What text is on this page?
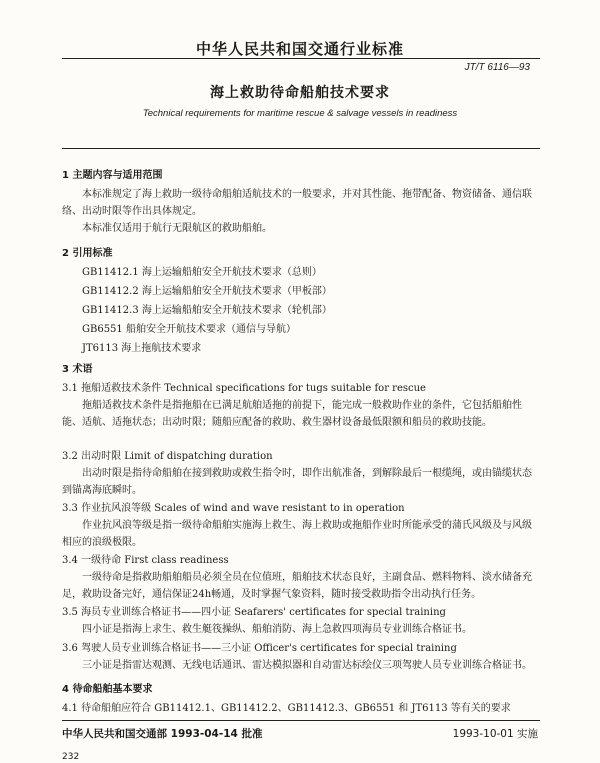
中华人民共和国交通行业标准
JT/T 6116—93
海上救助待命船舶技术要求
Technical requirements for maritime rescue & salvage vessels in readiness
1 主题内容与适用范围
本标准规定了海上救助一级待命船舶适航技术的一般要求，并对其性能、拖带配备、物资储备、通信联络、出动时限等作出具体规定。
本标准仅适用于航行无限航区的救助船舶。
2 引用标准
GB11412.1 海上运输船舶安全开航技术要求（总则）
GB11412.2 海上运输船舶安全开航技术要求（甲板部）
GB11412.3 海上运输船舶安全开航技术要求（轮机部）
GB6551 船舶安全开航技术要求（通信与导航）
JT6113 海上拖航技术要求
3 术语
3.1 拖船适救技术条件 Technical specifications for tugs suitable for rescue
拖船适救技术条件是指拖船在已满足航舶适拖的前提下，能完成一般救助作业的条件，它包括船舶性能、适航、适拖状态；出动时限；随船应配备的救助、救生器材设备最低限额和船员的救助技能。
3.2 出动时限 Limit of dispatching duration
出动时限是指待命船舶在接到救助或救生指令时，即作出航准备，到解除最后一根缆绳，或由锚缆状态到锚离海底瞬时。
3.3 作业抗风浪等级 Scales of wind and wave resistant to in operation
作业抗风浪等级是指一级待命船舶实施海上救生、海上救助或拖船作业时所能承受的蒲氏风级及与风级相应的浪级极限。
3.4 一级待命 First class readiness
一级待命是指救助船舶船员必须全员在位值班，船舶技术状态良好，主副食品、燃料物料、淡水储备充足，救助设备完好，通信保证24h畅通，及时掌握气象资料，随时接受救助指令出动执行任务。
3.5 海员专业训练合格证书——四小证 Seafarers' certificates for special training
四小证是指海上求生、救生艇筏操纵、船舶消防、海上急救四项海员专业训练合格证书。
3.6 驾驶人员专业训练合格证书——三小证 Officer's certificates for special training
三小证是指雷达观测、无线电话通讯、雷达模拟器和自动雷达标绘仪三项驾驶人员专业训练合格证书。
4 待命船舶基本要求
4.1 待命船舶应符合 GB11412.1、GB11412.2、GB11412.3、GB6551 和 JT6113 等有关的要求
中华人民共和国交通部 1993-04-14 批准	1993-10-01 实施
232
